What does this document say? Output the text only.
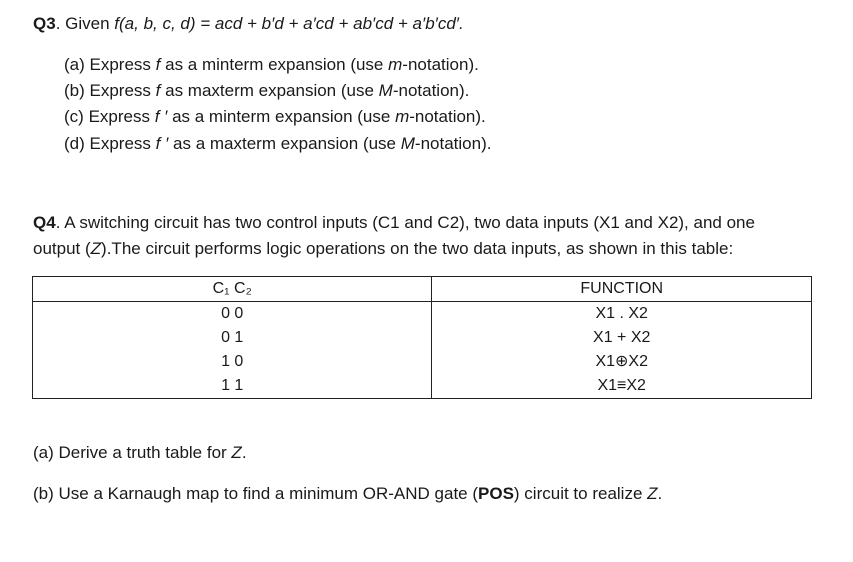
Q3. Given f(a, b, c, d) = acd + b′d + a′cd + ab′cd + a′b′cd′.
(a) Express f as a minterm expansion (use m-notation).
(b) Express f as maxterm expansion (use M-notation).
(c) Express f ′ as a minterm expansion (use m-notation).
(d) Express f ′ as a maxterm expansion (use M-notation).
Q4. A switching circuit has two control inputs (C1 and C2), two data inputs (X1 and X2), and one
output (Z).The circuit performs logic operations on the two data inputs, as shown in this table:
C₁ C₂	FUNCTION
0 0	X1 . X2
0 1	X1 + X2
1 0	X1⊕X2
1 1	X1≡X2
(a) Derive a truth table for Z.
(b) Use a Karnaugh map to find a minimum OR-AND gate (POS) circuit to realize Z.
